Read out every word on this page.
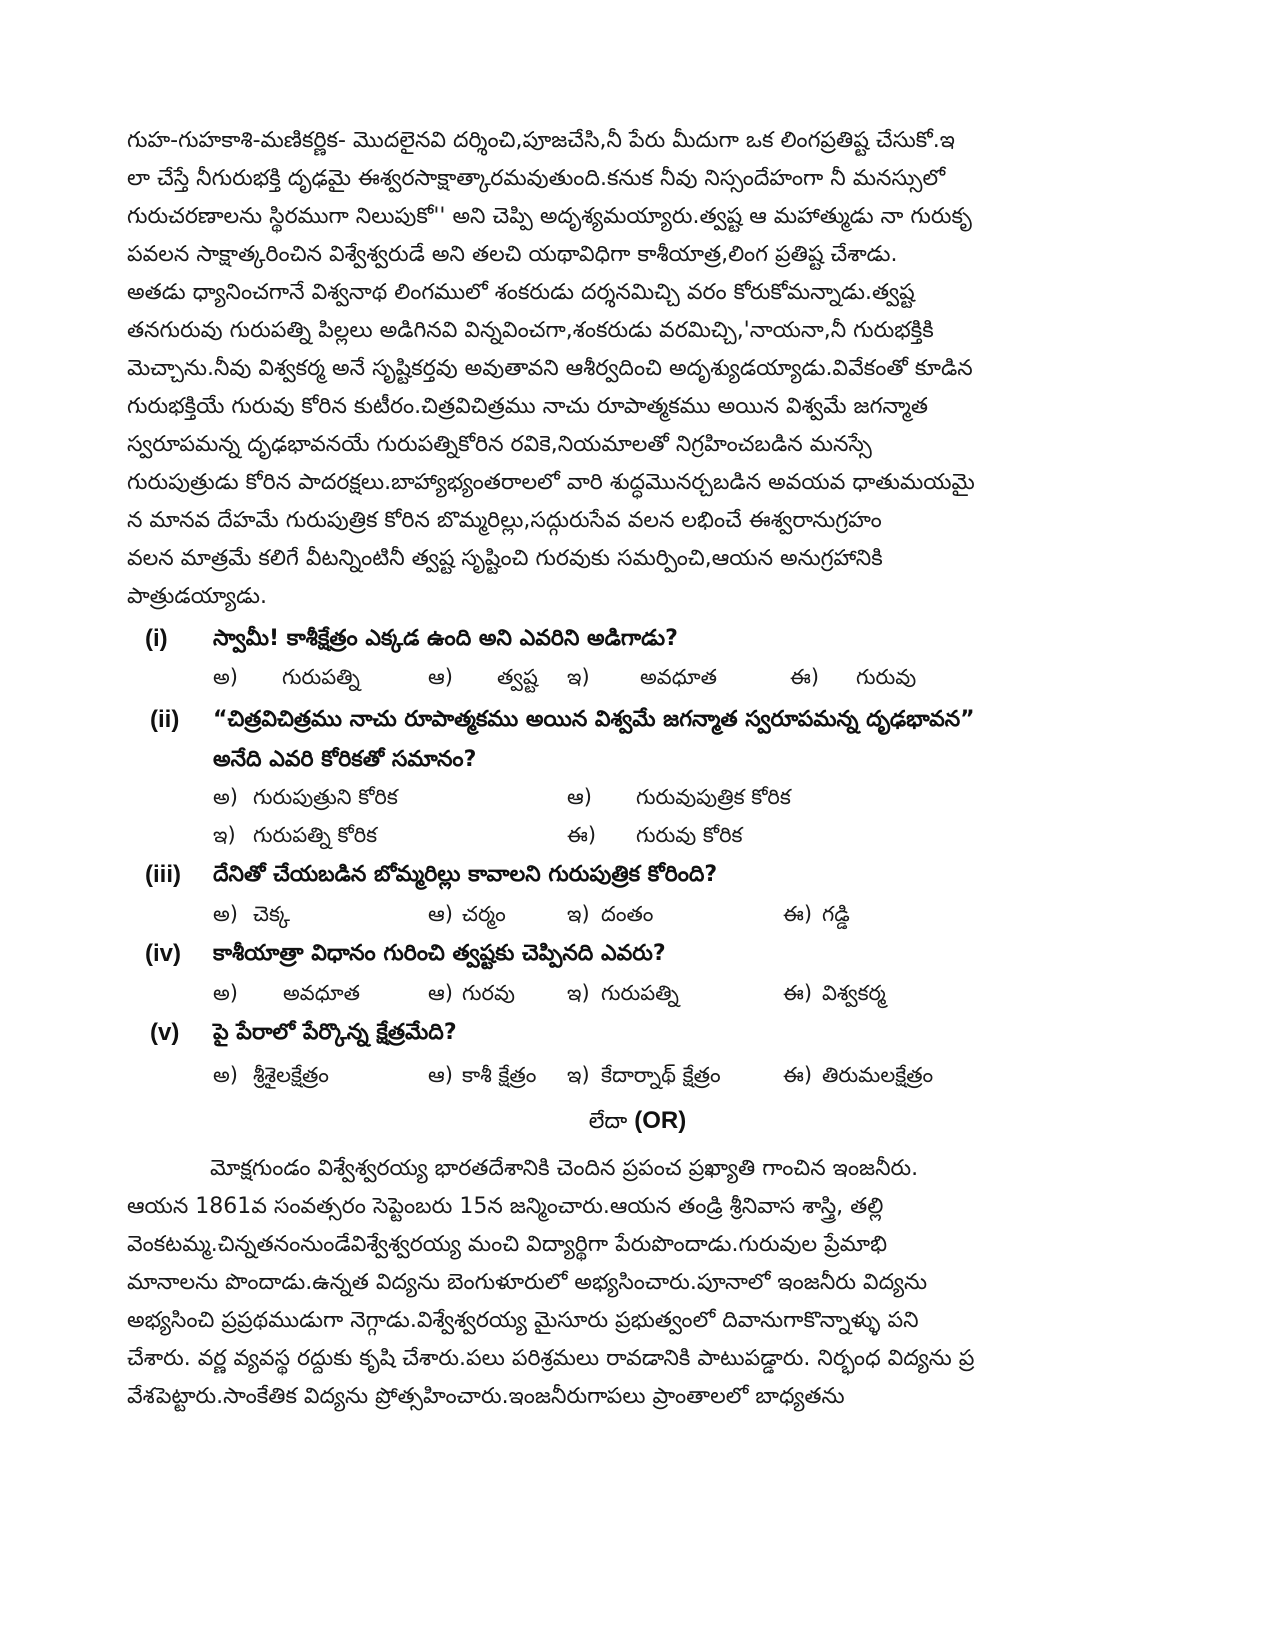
గుహ-గుహకాశి-మణికర్ణిక- మొదలైనవి దర్శించి,పూజచేసి,నీ పేరు మీదుగా ఒక లింగప్రతిష్ట చేసుకో.ఇ
లా చేస్తే నీగురుభక్తి దృఢమై ఈశ్వరసాక్షాత్కారమవుతుంది.కనుక నీవు నిస్సందేహంగా నీ మనస్సులో
గురుచరణాలను స్థిరముగా నిలుపుకో'' అని చెప్పి అదృశ్యమయ్యారు.త్వష్ట ఆ మహాత్ముడు నా గురుకృ
పవలన సాక్షాత్కరించిన విశ్వేశ్వరుడే అని తలచి యథావిధిగా కాశీయాత్ర,లింగ ప్రతిష్ట చేశాడు.
అతడు ధ్యానించగానే విశ్వనాథ లింగములో శంకరుడు దర్శనమిచ్చి వరం కోరుకోమన్నాడు.త్వష్ట
తనగురువు గురుపత్ని పిల్లలు అడిగినవి విన్నవించగా,శంకరుడు వరమిచ్చి,'నాయనా,నీ గురుభక్తికి
మెచ్చాను.నీవు విశ్వకర్మ అనే సృష్టికర్తవు అవుతావని ఆశీర్వదించి అదృశ్యుడయ్యాడు.వివేకంతో కూడిన
గురుభక్తియే గురువు కోరిన కుటీరం.చిత్రవిచిత్రము నాచు రూపాత్మకము అయిన విశ్వమే జగన్మాత
స్వరూపమన్న దృఢభావనయే గురుపత్నికోరిన రవికె,నియమాలతో నిగ్రహించబడిన మనస్సే
గురుపుత్రుడు కోరిన పాదరక్షలు.బాహ్యాభ్యంతరాలలో వారి శుద్ధమొనర్చబడిన అవయవ ధాతుమయమై
న మానవ దేహమే గురుపుత్రిక కోరిన బొమ్మరిల్లు,సద్గురుసేవ వలన లభించే ఈశ్వరానుగ్రహం
వలన మాత్రమే కలిగే వీటన్నింటినీ త్వష్ట సృష్టించి గురవుకు సమర్పించి,ఆయన అనుగ్రహానికి
పాత్రుడయ్యాడు.
(i) స్వామీ! కాశీక్షేత్రం ఎక్కడ ఉంది అని ఎవరిని అడిగాడు?
అ) గురుపత్ని	ఆ) త్వష్ట ఇ) అవధూత	ఈ) గురువు
(ii) “చిత్రవిచిత్రము నాచు రూపాత్మకము అయిన విశ్వమే జగన్మాత స్వరూపమన్న దృఢభావన”
అనేది ఎవరి కోరికతో సమానం?
అ) గురుపుత్రుని కోరిక	ఆ) గురువుపుత్రిక కోరిక
ఇ) గురుపత్ని కోరిక	ఈ) గురువు కోరిక
(iii) దేనితో చేయబడిన బోమ్మరిల్లు కావాలని గురుపుత్రిక కోరింది?
అ) చెక్క	ఆ) చర్మం	ఇ) దంతం	ఈ) గడ్డి
(iv) కాశీయాత్రా విధానం గురించి త్వష్టకు చెప్పినది ఎవరు?
అ) అవధూత	ఆ) గురవు ఇ) గురుపత్ని	ఈ) విశ్వకర్మ
(v) పై పేరాలో పేర్కొన్న క్షేత్రమేది?
అ) శ్రీశైలక్షేత్రం	ఆ) కాశీ క్షేత్రం ఇ) కేదార్నాథ్ క్షేత్రం	ఈ) తిరుమలక్షేత్రం
లేదా (OR)
మోక్షగుండం విశ్వేశ్వరయ్య భారతదేశానికి చెందిన ప్రపంచ ప్రఖ్యాతి గాంచిన ఇంజనీరు.
ఆయన 1861వ సంవత్సరం సెప్టెంబరు 15న జన్మించారు.ఆయన తండ్రి శ్రీనివాస శాస్త్రి, తల్లి
వెంకటమ్మ.చిన్నతనంనుండేవిశ్వేశ్వరయ్య మంచి విద్యార్థిగా పేరుపొందాడు.గురువుల ప్రేమాభి
మానాలను పొందాడు.ఉన్నత విద్యను బెంగుళూరులో అభ్యసించారు.పూనాలో ఇంజనీరు విద్యను
అభ్యసించి ప్రప్రథముడుగా నెగ్గాడు.విశ్వేశ్వరయ్య మైసూరు ప్రభుత్వంలో దివానుగాకొన్నాళ్ళు పని
చేశారు. వర్ణ వ్యవస్థ రద్దుకు కృషి చేశారు.పలు పరిశ్రమలు రావడానికి పాటుపడ్డారు. నిర్భంధ విద్యను ప్ర
వేశపెట్టారు.సాంకేతిక విద్యను ప్రోత్సహించారు.ఇంజనీరుగాపలు ప్రాంతాలలో బాధ్యతను
